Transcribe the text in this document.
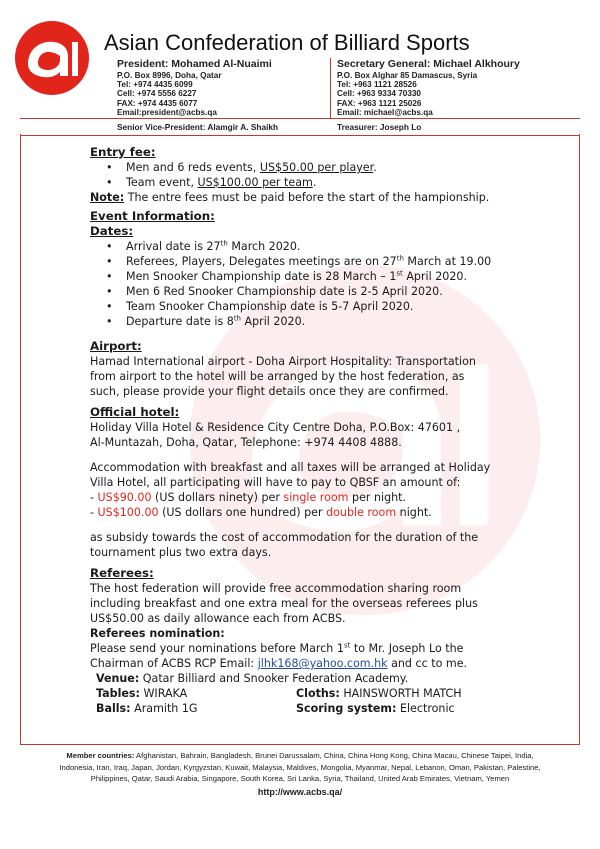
Asian Confederation of Billiard Sports
President: Mohamed Al-Nuaimi
P.O. Box 8996, Doha, Qatar
Tel: +974 4435 6099
Cell: +974 5556 6227
FAX: +974 4435 6077
Email:president@acbs.qa
Secretary General: Michael Alkhoury
P.O. Box Alghar 85 Damascus, Syria
Tel: +963 1121 28526
Cell: +963 9334 70330
FAX: +963 1121 25026
Email: michael@acbs.qa
Senior Vice-President: Alamgir A. Shaikh	Treasurer: Joseph Lo
Entry fee:
• Men and 6 reds events, US$50.00 per player.
• Team event, US$100.00 per team.
Note: The entre fees must be paid before the start of the hampionship.
Event Information:
Dates:
• Arrival date is 27th March 2020.
• Referees, Players, Delegates meetings are on 27th March at 19.00
• Men Snooker Championship date is 28 March – 1st April 2020.
• Men 6 Red Snooker Championship date is 2-5 April 2020.
• Team Snooker Championship date is 5-7 April 2020.
• Departure date is 8th April 2020.
Airport:
Hamad International airport - Doha Airport Hospitality: Transportation
from airport to the hotel will be arranged by the host federation, as
such, please provide your flight details once they are confirmed.
Official hotel:
Holiday Villa Hotel & Residence City Centre Doha, P.O.Box: 47601 ,
Al-Muntazah, Doha, Qatar, Telephone: +974 4408 4888.
Accommodation with breakfast and all taxes will be arranged at Holiday
Villa Hotel, all participating will have to pay to QBSF an amount of:
- US$90.00 (US dollars ninety) per single room per night.
- US$100.00 (US dollars one hundred) per double room night.
as subsidy towards the cost of accommodation for the duration of the
tournament plus two extra days.
Referees:
The host federation will provide free accommodation sharing room
including breakfast and one extra meal for the overseas referees plus
US$50.00 as daily allowance each from ACBS.
Referees nomination:
Please send your nominations before March 1st to Mr. Joseph Lo the
Chairman of ACBS RCP Email: jlhk168@yahoo.com.hk and cc to me.
Venue: Qatar Billiard and Snooker Federation Academy.
Tables: WIRAKA	Cloths: HAINSWORTH MATCH
Balls: Aramith 1G	Scoring system: Electronic
Member countries: Afghanistan, Bahrain, Bangladesh, Brunei Darussalam, China, China Hong Kong, China Macau, Chinese Taipei, India,
Indonesia, Iran, Iraq, Japan, Jordan, Kyrgyzstan, Kuwait, Malaysia, Maldives, Mongolia, Myanmar, Nepal, Lebanon, Oman, Pakistan, Palestine,
Philippines, Qatar, Saudi Arabia, Singapore, South Korea, Sri Lanka, Syria, Thailand, United Arab Emirates, Vietnam, Yemen
http://www.acbs.qa/
